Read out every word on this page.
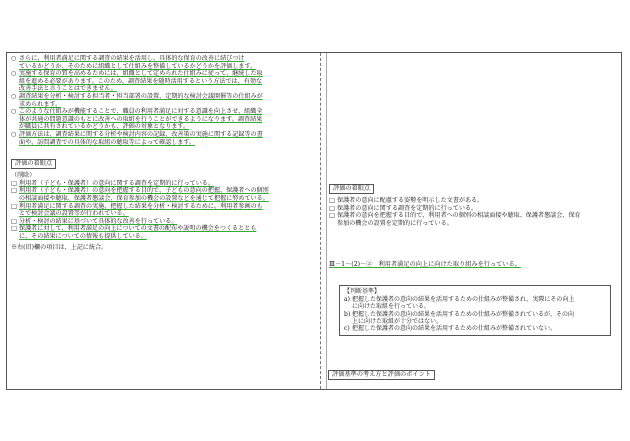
○ さらに、利用者満足に関する調査の結果を活用し、具体的な保育の改善に結びつけ
ているかどうか、そのために組織として仕組みを整備しているかどうかを評価します。
○ 実施する保育の質を高めるためには、組織として定められた仕組みに従って、継続した取
組を進める必要があります。このため、調査結果を随時活用するという方法では、有効な
改善手法と言うことはできません。
○ 調査結果を分析・検討する担当者・担当部署の設置、定期的な検討会議開催等の仕組みが
求められます。
○ このような仕組みが機能することで、職員の利用者満足に対する意識を向上させ、組織全
体が共通の問題意識のもとに改善への取組を行うことができるようになります。調査結果
が職員に共有されているかどうかも、評価の対象となります。
○ 評価方法は、調査結果に関する分析や検討内容の記録、改善策の実施に関する記録等の書
面や、訪問調査での具体的な取組の聴取等によって確認します。
評価の着眼点
（削除）
□ 利用者（子ども・保護者）の意向に関する調査を定期的に行っている。
□ 利用者（子ども・保護者）の意向を把握する目的で、子どもの意向の把握、保護者への個別
の相談面接や聴取、保護者懇談会、保育参加の機会の設置などを通じて把握に努めている。
□ 利用者満足に関する調査の実施、把握した結果を分析・検討するために、利用者参画のも
とで検討会議の設置等が行われている。
□ 分析・検討の結果に基づいて具体的な改善を行っている。
□ 保護者に対して、利用者満足の向上についての文書の配布や説明の機会をつくるととも
に、その結果についての情報も提供している。
※右(旧)欄の項目は、上記に統合。
評価の着眼点
□ 保護者の意向に配慮する姿勢を明示した文書がある。
□ 保護者の意向に関する調査を定期的に行っている。
□ 保護者の意向を把握する目的で、利用者への個別の相談面接や聴取、保護者懇談会、保育
参加の機会の設置を定期的に行っている。
Ⅲ－1－(2)－②　利用者満足の向上に向けた取り組みを行っている。
【判断基準】
a) 把握した保護者の意向の結果を活用するための仕組みが整備され、実際にその向上
に向けた取組を行っている。
b) 把握した保護者の意向の結果を活用するための仕組みが整備されているが、その向
上に向けた取組が十分ではない。
c) 把握した保護者の意向の結果を活用するための仕組みが整備されていない。
評価基準の考え方と評価のポイント
